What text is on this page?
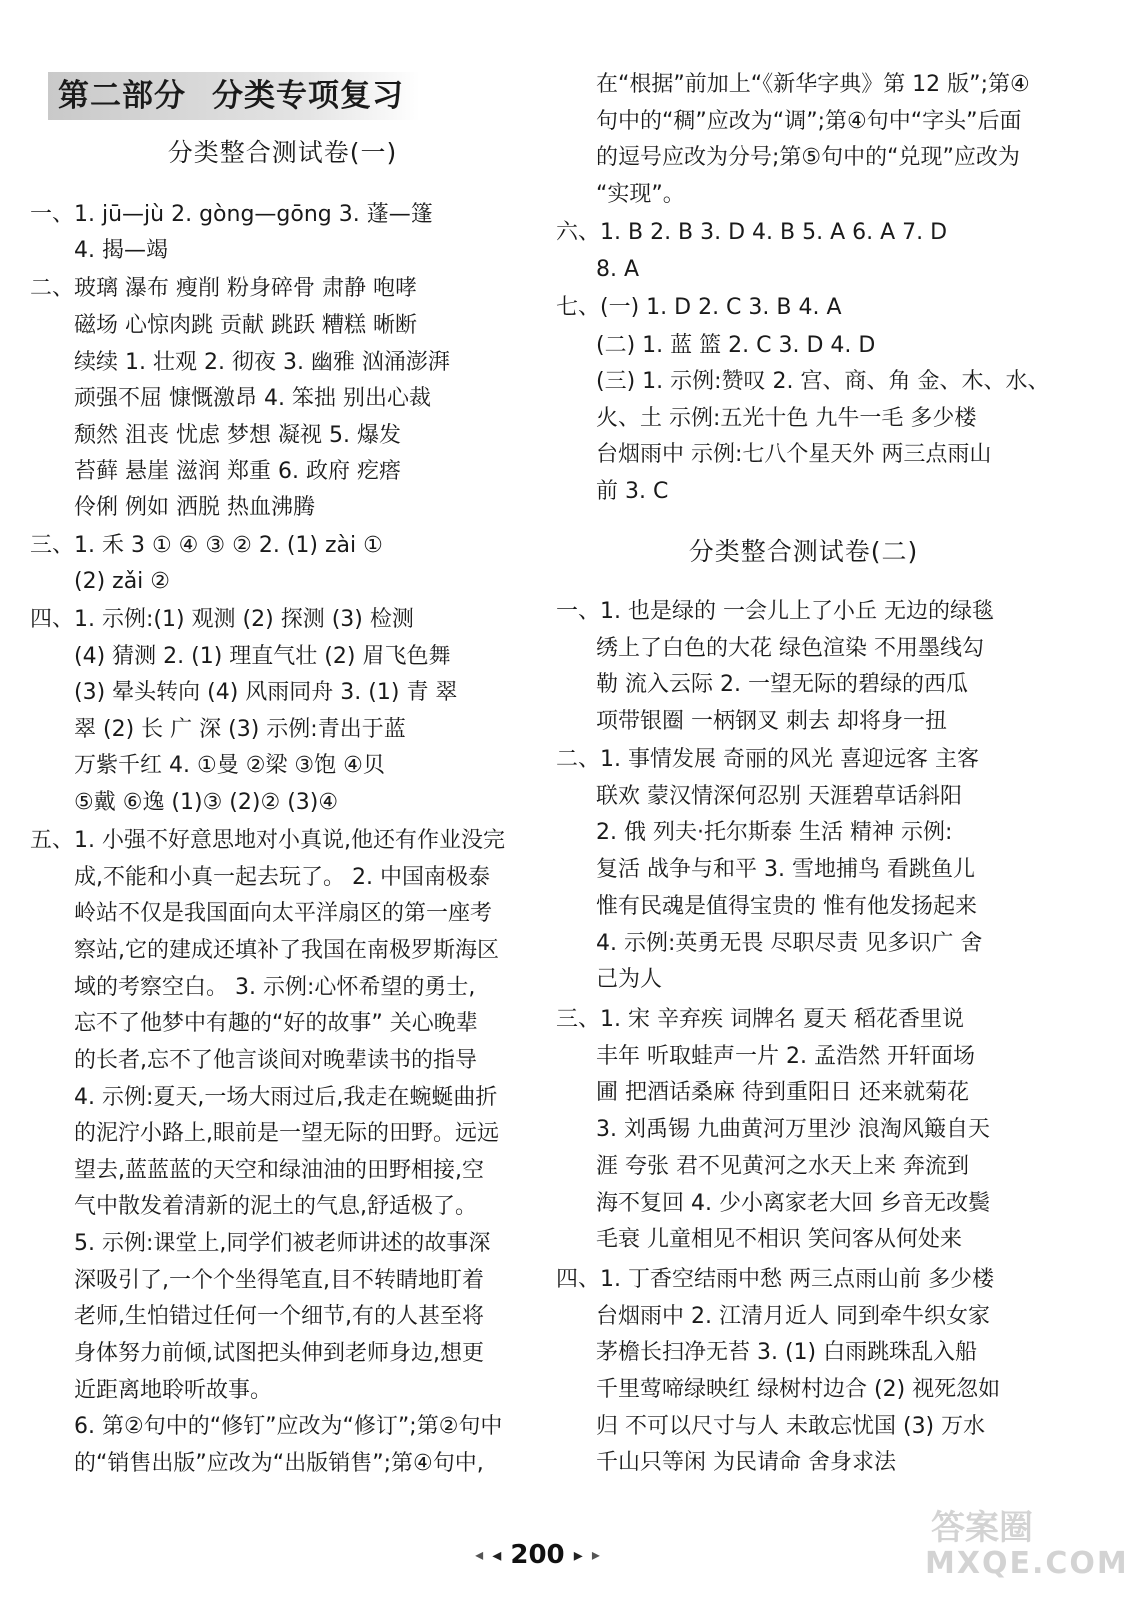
第二部分 分类专项复习
分类整合测试卷(一)
一、1. jū—jù 2. gòng—gōng 3. 蓬—篷
4. 揭—竭
二、玻璃 瀑布 瘦削 粉身碎骨 肃静 咆哮
磁场 心惊肉跳 贡献 跳跃 糟糕 晰断
续续 1. 壮观 2. 彻夜 3. 幽雅 汹涌澎湃
顽强不屈 慷慨激昂 4. 笨拙 别出心裁
颓然 沮丧 忧虑 梦想 凝视 5. 爆发
苔藓 悬崖 滋润 郑重 6. 政府 疙瘩
伶俐 例如 洒脱 热血沸腾
三、1. 禾 3 ① ④ ③ ② 2. (1) zài ①
(2) zǎi ②
四、1. 示例:(1) 观测 (2) 探测 (3) 检测
(4) 猜测 2. (1) 理直气壮 (2) 眉飞色舞
(3) 晕头转向 (4) 风雨同舟 3. (1) 青 翠
翠 (2) 长 广 深 (3) 示例:青出于蓝
万紫千红 4. ①曼 ②梁 ③饱 ④贝
⑤戴 ⑥逸 (1)③ (2)② (3)④
五、1. 小强不好意思地对小真说,他还有作业没完
成,不能和小真一起去玩了。 2. 中国南极泰
岭站不仅是我国面向太平洋扇区的第一座考
察站,它的建成还填补了我国在南极罗斯海区
域的考察空白。 3. 示例:心怀希望的勇士,
忘不了他梦中有趣的“好的故事” 关心晚辈
的长者,忘不了他言谈间对晚辈读书的指导
4. 示例:夏天,一场大雨过后,我走在蜿蜒曲折
的泥泞小路上,眼前是一望无际的田野。远远
望去,蓝蓝蓝的天空和绿油油的田野相接,空
气中散发着清新的泥土的气息,舒适极了。
5. 示例:课堂上,同学们被老师讲述的故事深
深吸引了,一个个坐得笔直,目不转睛地盯着
老师,生怕错过任何一个细节,有的人甚至将
身体努力前倾,试图把头伸到老师身边,想更
近距离地聆听故事。
6. 第②句中的“修钉”应改为“修订”;第②句中
的“销售出版”应改为“出版销售”;第④句中,
在“根据”前加上“《新华字典》第 12 版”;第④
句中的“稠”应改为“调”;第④句中“字头”后面
的逗号应改为分号;第⑤句中的“兑现”应改为
“实现”。
六、1. B 2. B 3. D 4. B 5. A 6. A 7. D
8. A
七、(一) 1. D 2. C 3. B 4. A
(二) 1. 蓝 篮 2. C 3. D 4. D
(三) 1. 示例:赞叹 2. 宫、商、角 金、木、水、
火、土 示例:五光十色 九牛一毛 多少楼
台烟雨中 示例:七八个星天外 两三点雨山
前 3. C
分类整合测试卷(二)
一、1. 也是绿的 一会儿上了小丘 无边的绿毯
绣上了白色的大花 绿色渲染 不用墨线勾
勒 流入云际 2. 一望无际的碧绿的西瓜
项带银圈 一柄钢叉 刺去 却将身一扭
二、1. 事情发展 奇丽的风光 喜迎远客 主客
联欢 蒙汉情深何忍别 天涯碧草话斜阳
2. 俄 列夫·托尔斯泰 生活 精神 示例:
复活 战争与和平 3. 雪地捕鸟 看跳鱼儿
惟有民魂是值得宝贵的 惟有他发扬起来
4. 示例:英勇无畏 尽职尽责 见多识广 舍
己为人
三、1. 宋 辛弃疾 词牌名 夏天 稻花香里说
丰年 听取蛙声一片 2. 孟浩然 开轩面场
圃 把酒话桑麻 待到重阳日 还来就菊花
3. 刘禹锡 九曲黄河万里沙 浪淘风簸自天
涯 夸张 君不见黄河之水天上来 奔流到
海不复回 4. 少小离家老大回 乡音无改鬓
毛衰 儿童相见不相识 笑问客从何处来
四、1. 丁香空结雨中愁 两三点雨山前 多少楼
台烟雨中 2. 江清月近人 同到牵牛织女家
茅檐长扫净无苔 3. (1) 白雨跳珠乱入船
千里莺啼绿映红 绿树村边合 (2) 视死忽如
归 不可以尺寸与人 未敢忘忧国 (3) 万水
千山只等闲 为民请命 舍身求法
◂ ◂ 200 ▸ ▸
答案圈
MXQE.COM
